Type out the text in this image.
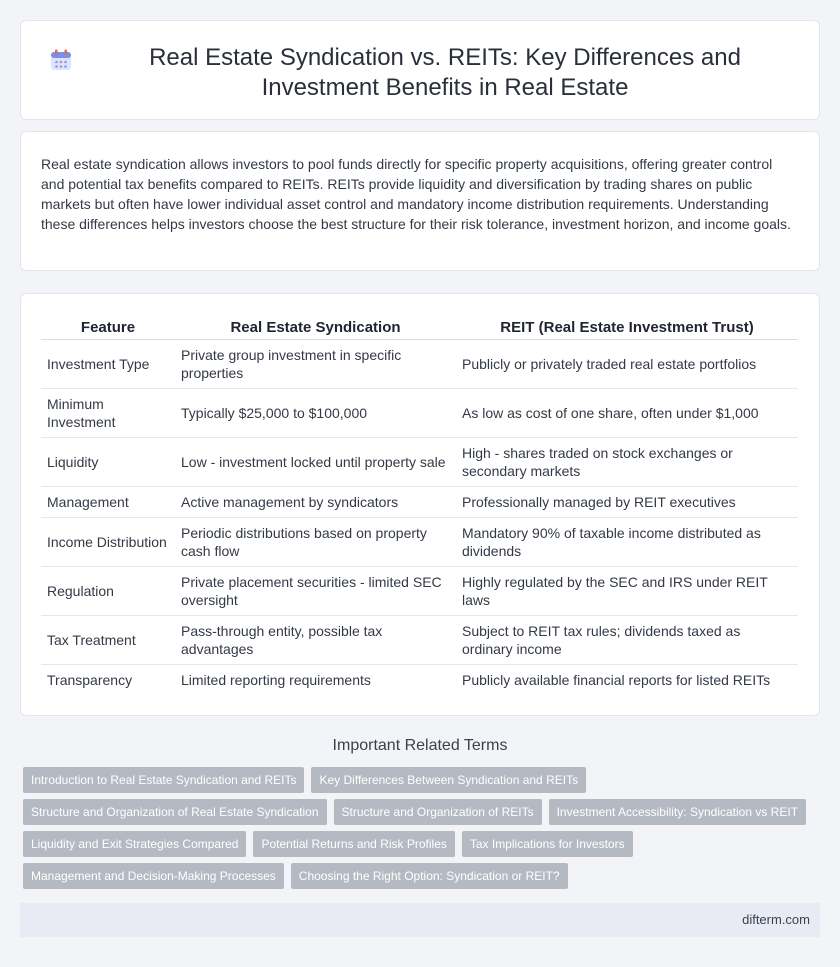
Real Estate Syndication vs. REITs: Key Differences and Investment Benefits in Real Estate

Real estate syndication allows investors to pool funds directly for specific property acquisitions, offering greater control and potential tax benefits compared to REITs. REITs provide liquidity and diversification by trading shares on public markets but often have lower individual asset control and mandatory income distribution requirements. Understanding these differences helps investors choose the best structure for their risk tolerance, investment horizon, and income goals.

Feature	Real Estate Syndication	REIT (Real Estate Investment Trust)
Investment Type	Private group investment in specific properties	Publicly or privately traded real estate portfolios
Minimum Investment	Typically $25,000 to $100,000	As low as cost of one share, often under $1,000
Liquidity	Low - investment locked until property sale	High - shares traded on stock exchanges or secondary markets
Management	Active management by syndicators	Professionally managed by REIT executives
Income Distribution	Periodic distributions based on property cash flow	Mandatory 90% of taxable income distributed as dividends
Regulation	Private placement securities - limited SEC oversight	Highly regulated by the SEC and IRS under REIT laws
Tax Treatment	Pass-through entity, possible tax advantages	Subject to REIT tax rules; dividends taxed as ordinary income
Transparency	Limited reporting requirements	Publicly available financial reports for listed REITs
Important Related Terms
Introduction to Real Estate Syndication and REITs	Key Differences Between Syndication and REITs
Structure and Organization of Real Estate Syndication	Structure and Organization of REITs	Investment Accessibility: Syndication vs REIT
Liquidity and Exit Strategies Compared	Potential Returns and Risk Profiles	Tax Implications for Investors
Management and Decision-Making Processes	Choosing the Right Option: Syndication or REIT?
difterm.com
